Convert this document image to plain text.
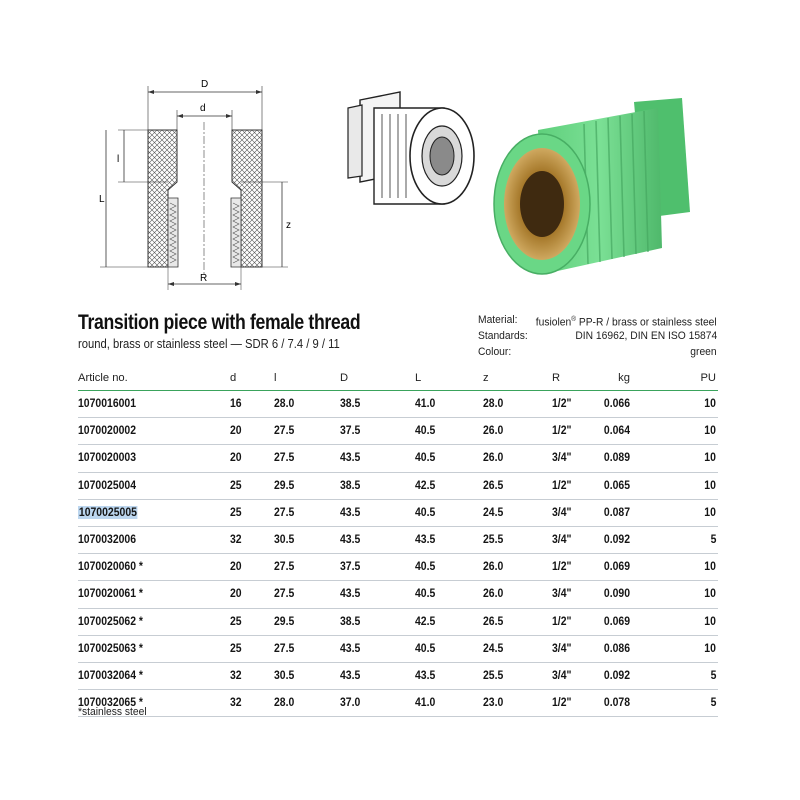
D
d
l
L
z
R
Transition piece with female thread
round, brass or stainless steel — SDR 6 / 7.4 / 9 / 11
Material: fusiolen® PP-R / brass or stainless steel
Standards:	DIN 16962, DIN EN ISO 15874
Colour:	green
Article no.	d	l	D	L	z	R	kg	PU
1070016001	16	28.0	38.5	41.0	28.0	1/2"	0.066	10
1070020002	20	27.5	37.5	40.5	26.0	1/2"	0.064	10
1070020003	20	27.5	43.5	40.5	26.0	3/4"	0.089	10
1070025004	25	29.5	38.5	42.5	26.5	1/2"	0.065	10
1070025005	25	27.5	43.5	40.5	24.5	3/4"	0.087	10
1070032006	32	30.5	43.5	43.5	25.5	3/4"	0.092	5
1070020060 *	20	27.5	37.5	40.5	26.0	1/2"	0.069	10
1070020061 *	20	27.5	43.5	40.5	26.0	3/4"	0.090	10
1070025062 *	25	29.5	38.5	42.5	26.5	1/2"	0.069	10
1070025063 *	25	27.5	43.5	40.5	24.5	3/4"	0.086	10
1070032064 *	32	30.5	43.5	43.5	25.5	3/4"	0.092	5
1070032065 *	32	28.0	37.0	41.0	23.0	1/2"	0.078	5
*stainless steel
